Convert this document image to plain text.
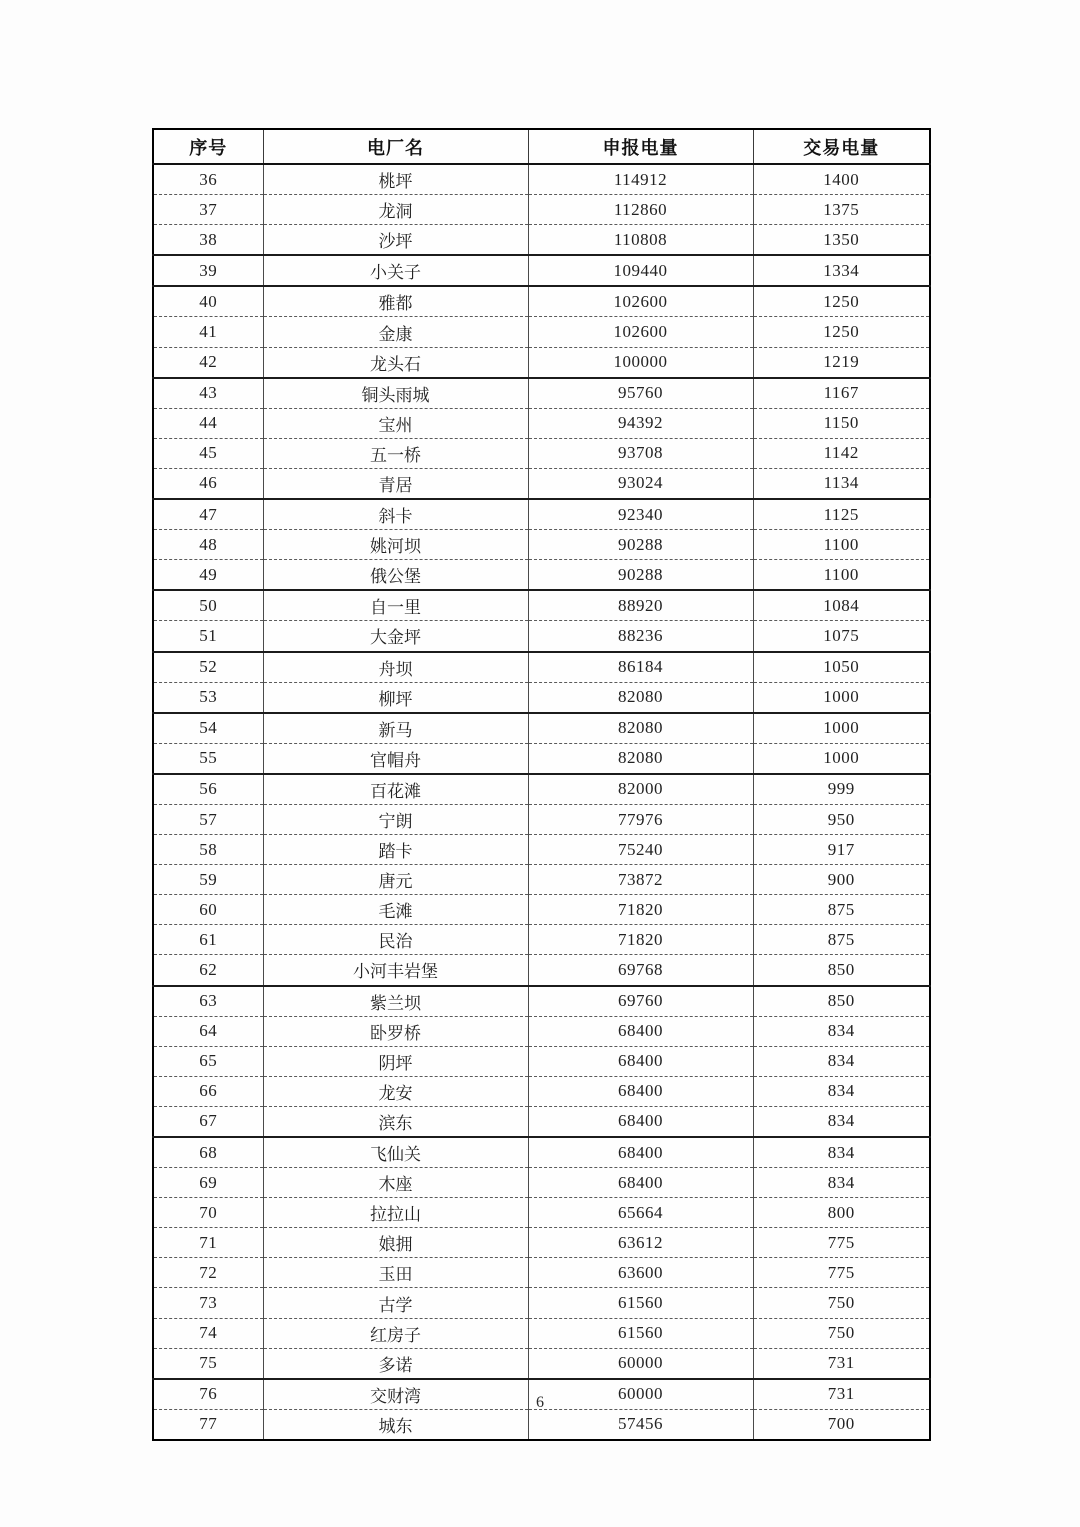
序号	电厂名	申报电量	交易电量
36	桃坪	114912	1400
37	龙洞	112860	1375
38	沙坪	110808	1350
39	小关子	109440	1334
40	雅都	102600	1250
41	金康	102600	1250
42	龙头石	100000	1219
43	铜头雨城	95760	1167
44	宝州	94392	1150
45	五一桥	93708	1142
46	青居	93024	1134
47	斜卡	92340	1125
48	姚河坝	90288	1100
49	俄公堡	90288	1100
50	自一里	88920	1084
51	大金坪	88236	1075
52	舟坝	86184	1050
53	柳坪	82080	1000
54	新马	82080	1000
55	官帽舟	82080	1000
56	百花滩	82000	999
57	宁朗	77976	950
58	踏卡	75240	917
59	唐元	73872	900
60	毛滩	71820	875
61	民治	71820	875
62	小河丰岩堡	69768	850
63	紫兰坝	69760	850
64	卧罗桥	68400	834
65	阴坪	68400	834
66	龙安	68400	834
67	滨东	68400	834
68	飞仙关	68400	834
69	木座	68400	834
70	拉拉山	65664	800
71	娘拥	63612	775
72	玉田	63600	775
73	古学	61560	750
74	红房子	61560	750
75	多诺	60000	731
76	交财湾	60000	731
77	城东	57456	700
6
